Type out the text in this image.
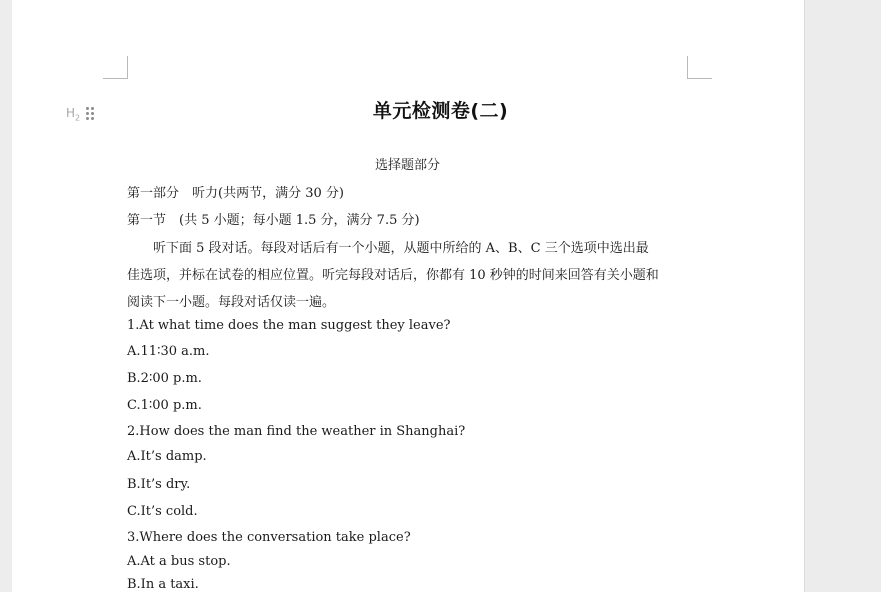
$H_2$	单元检测卷(二)
选择题部分
第一部分　听力(共两节，满分 30 分)
第一节　(共 5 小题；每小题 1.5 分，满分 7.5 分)
　　听下面 5 段对话。每段对话后有一个小题，从题中所给的 A、B、C 三个选项中选出最
佳选项，并标在试卷的相应位置。听完每段对话后，你都有 10 秒钟的时间来回答有关小题和
阅读下一小题。每段对话仅读一遍。
1.At what time does the man suggest they leave?
A.11∶30 a.m.
B.2∶00 p.m.
C.1∶00 p.m.
2.How does the man find the weather in Shanghai?
A.It’s damp.
B.It’s dry.
C.It’s cold.
3.Where does the conversation take place?
A.At a bus stop.
B.In a taxi.
